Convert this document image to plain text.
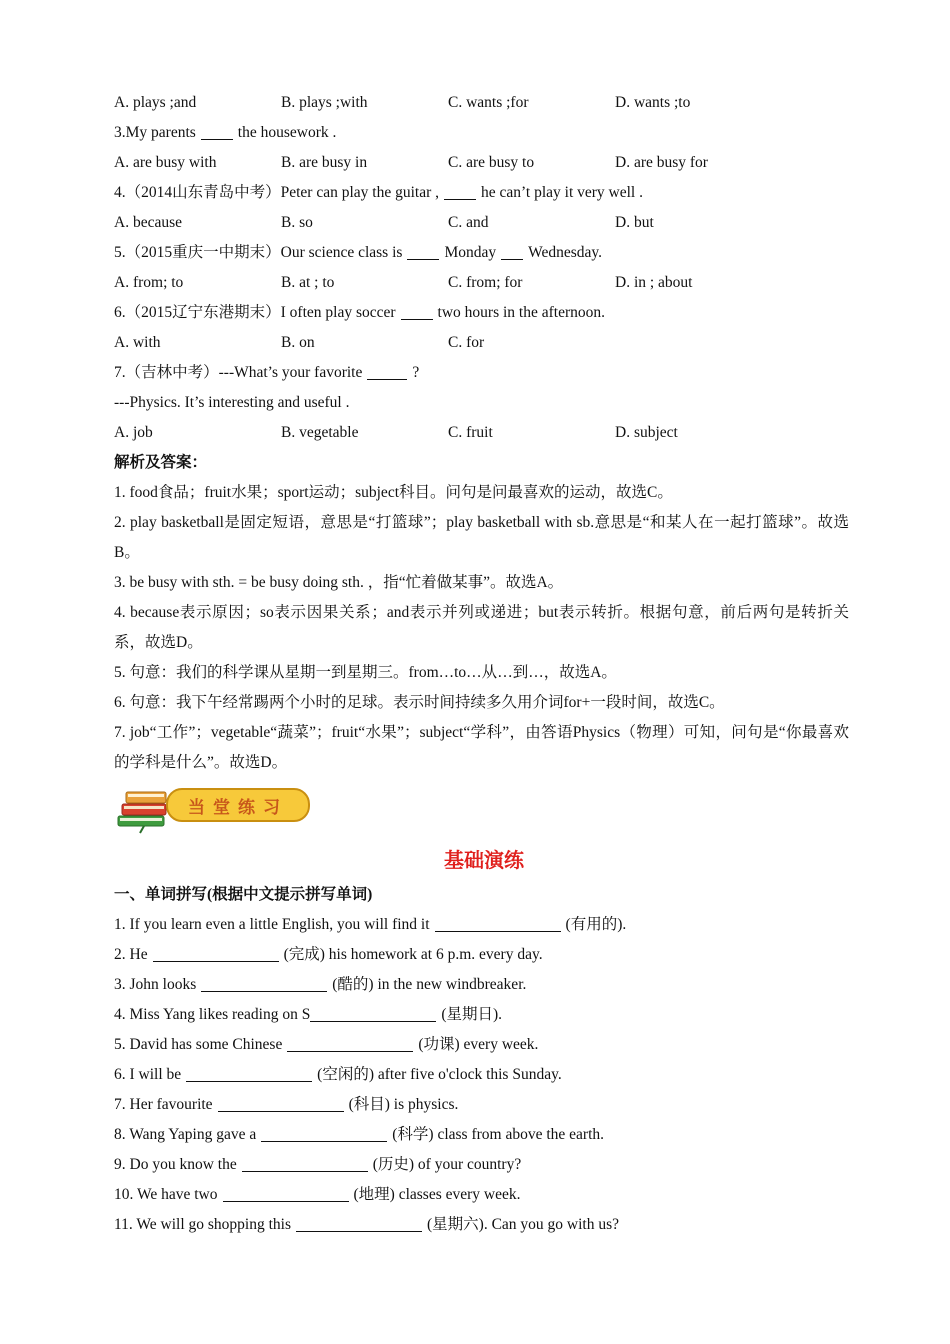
A. plays ;and	B. plays ;with	C. wants ;for	D. wants ;to
3.My parents	the housework .
A. are busy with	B. are busy in	C. are busy to	D. are busy for
4.（2014山东青岛中考）Peter can play the guitar ,	he can’t play it very well .
A. because	B. so	C. and	D. but
5.（2015重庆一中期末）Our science class is	Monday Wednesday.
A. from; to	B. at ; to	C. from; for	D. in ; about
6.（2015辽宁东港期末）I often play soccer	two hours in the afternoon.
A. with	B. on	C. for
7.（吉林中考）---What’s your favorite	?
---Physics. It’s interesting and useful .
A. job	B. vegetable	C. fruit	D. subject
解析及答案：
1. food食品；fruit水果；sport运动；subject科目。问句是问最喜欢的运动，故选C。
2. play basketball是固定短语，意思是“打篮球”；play basketball with sb.意思是“和某人在一起打篮球”。故选B。
3. be busy with sth. = be busy doing sth. ，指“忙着做某事”。故选A。
4. because表示原因；so表示因果关系；and表示并列或递进；but表示转折。根据句意，前后两句是转折关系，故选D。
5. 句意：我们的科学课从星期一到星期三。from…to…从…到…，故选A。
6. 句意：我下午经常踢两个小时的足球。表示时间持续多久用介词for+一段时间，故选C。
7. job“工作”；vegetable“蔬菜”；fruit“水果”；subject“学科”，由答语Physics（物理）可知，问句是“你最喜欢的学科是什么”。故选D。
当堂练习
基础演练
一、单词拼写(根据中文提示拼写单词)
1. If you learn even a little English, you will find it	(有用的).
2. He	(完成) his homework at 6 p.m. every day.
3. John looks	(酷的) in the new windbreaker.
4. Miss Yang likes reading on S	(星期日).
5. David has some Chinese	(功课) every week.
6. I will be	(空闲的) after five o'clock this Sunday.
7. Her favourite	(科目) is physics.
8. Wang Yaping gave a	(科学) class from above the earth.
9. Do you know the	(历史) of your country?
10. We have two	(地理) classes every week.
11. We will go shopping this	(星期六). Can you go with us?
